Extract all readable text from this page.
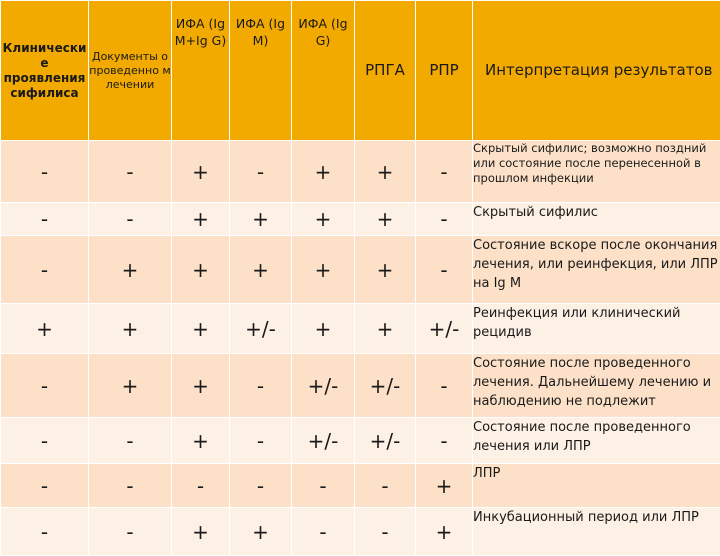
Клинически е проявления сифилиса	Документы о проведенно м лечении	ИФА (Ig M+Ig G)	ИФА (Ig M)	ИФА (Ig G)	РПГА	РПР	Интерпретация результатов
-	-	+	-	+	+	-	Скрытый сифилис; возможно поздний или состояние после перенесенной в прошлом инфекции
-	-	+	+	+	+	-	Скрытый сифилис
-	+	+	+	+	+	-	Состояние вскоре после окончания лечения, или реинфекция, или ЛПР на Ig M
+	+	+	+/-	+	+	+/-	Реинфекция или клинический рецидив
-	+	+	-	+/-	+/-	-	Состояние после проведенного лечения. Дальнейшему лечению и наблюдению не подлежит
-	-	+	-	+/-	+/-	-	Состояние после проведенного лечения или ЛПР
-	-	-	-	-	-	+	ЛПР
-	-	+	+	-	-	+	Инкубационный период или ЛПР
